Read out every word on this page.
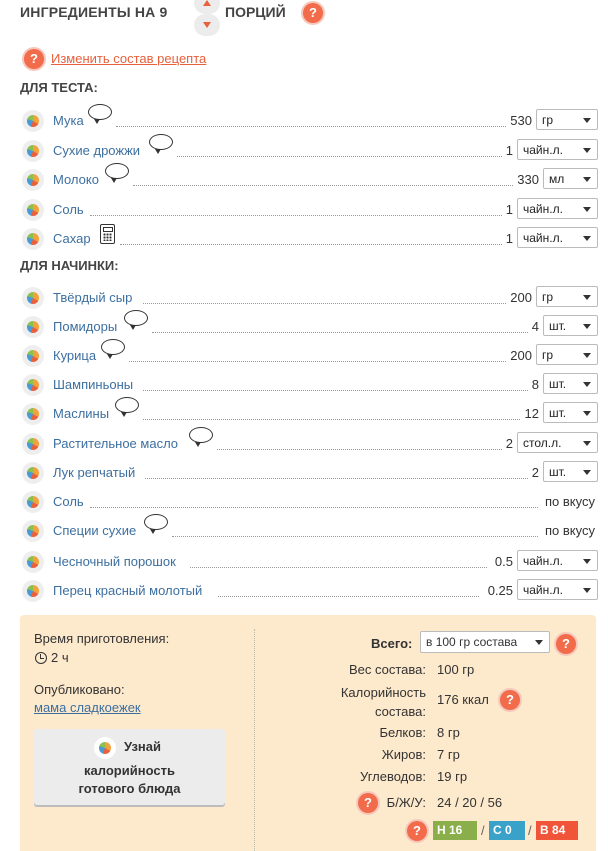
ИНГРЕДИЕНТЫ НА 9	ПОРЦИЙ	?
?	Изменить состав рецепта
ДЛЯ ТЕСТА:
Мука	530 гр
Сухие дрожжи	1 чайн.л.
Молоко	330 мл
Соль	1 чайн.л.
Сахар	1 чайн.л.
ДЛЯ НАЧИНКИ:
Твёрдый сыр	200 гр
Помидоры	4 шт.
Курица	200 гр
Шампиньоны	8 шт.
Маслины	12 шт.
Растительное масло	2 стол.л.
Лук репчатый	2 шт.
Соль	по вкусу
Специи сухие	по вкусу
Чесночный порошок	0.5 чайн.л.
Перец красный молотый	0.25 чайн.л.
Время приготовления:
2 ч
Опубликовано:
мама сладкоежек
Узнай
калорийность
готового блюда
Всего:	в 100 гр состава	?
Вес состава: 100 гр
Калорийность
состава:
176 ккал	?
Белков: 8 гр
Жиров: 7 гр
Углеводов: 19 гр
?	Б/Ж/У: 24 / 20 / 56
?	Н 16	/ С 0	/ В 84
